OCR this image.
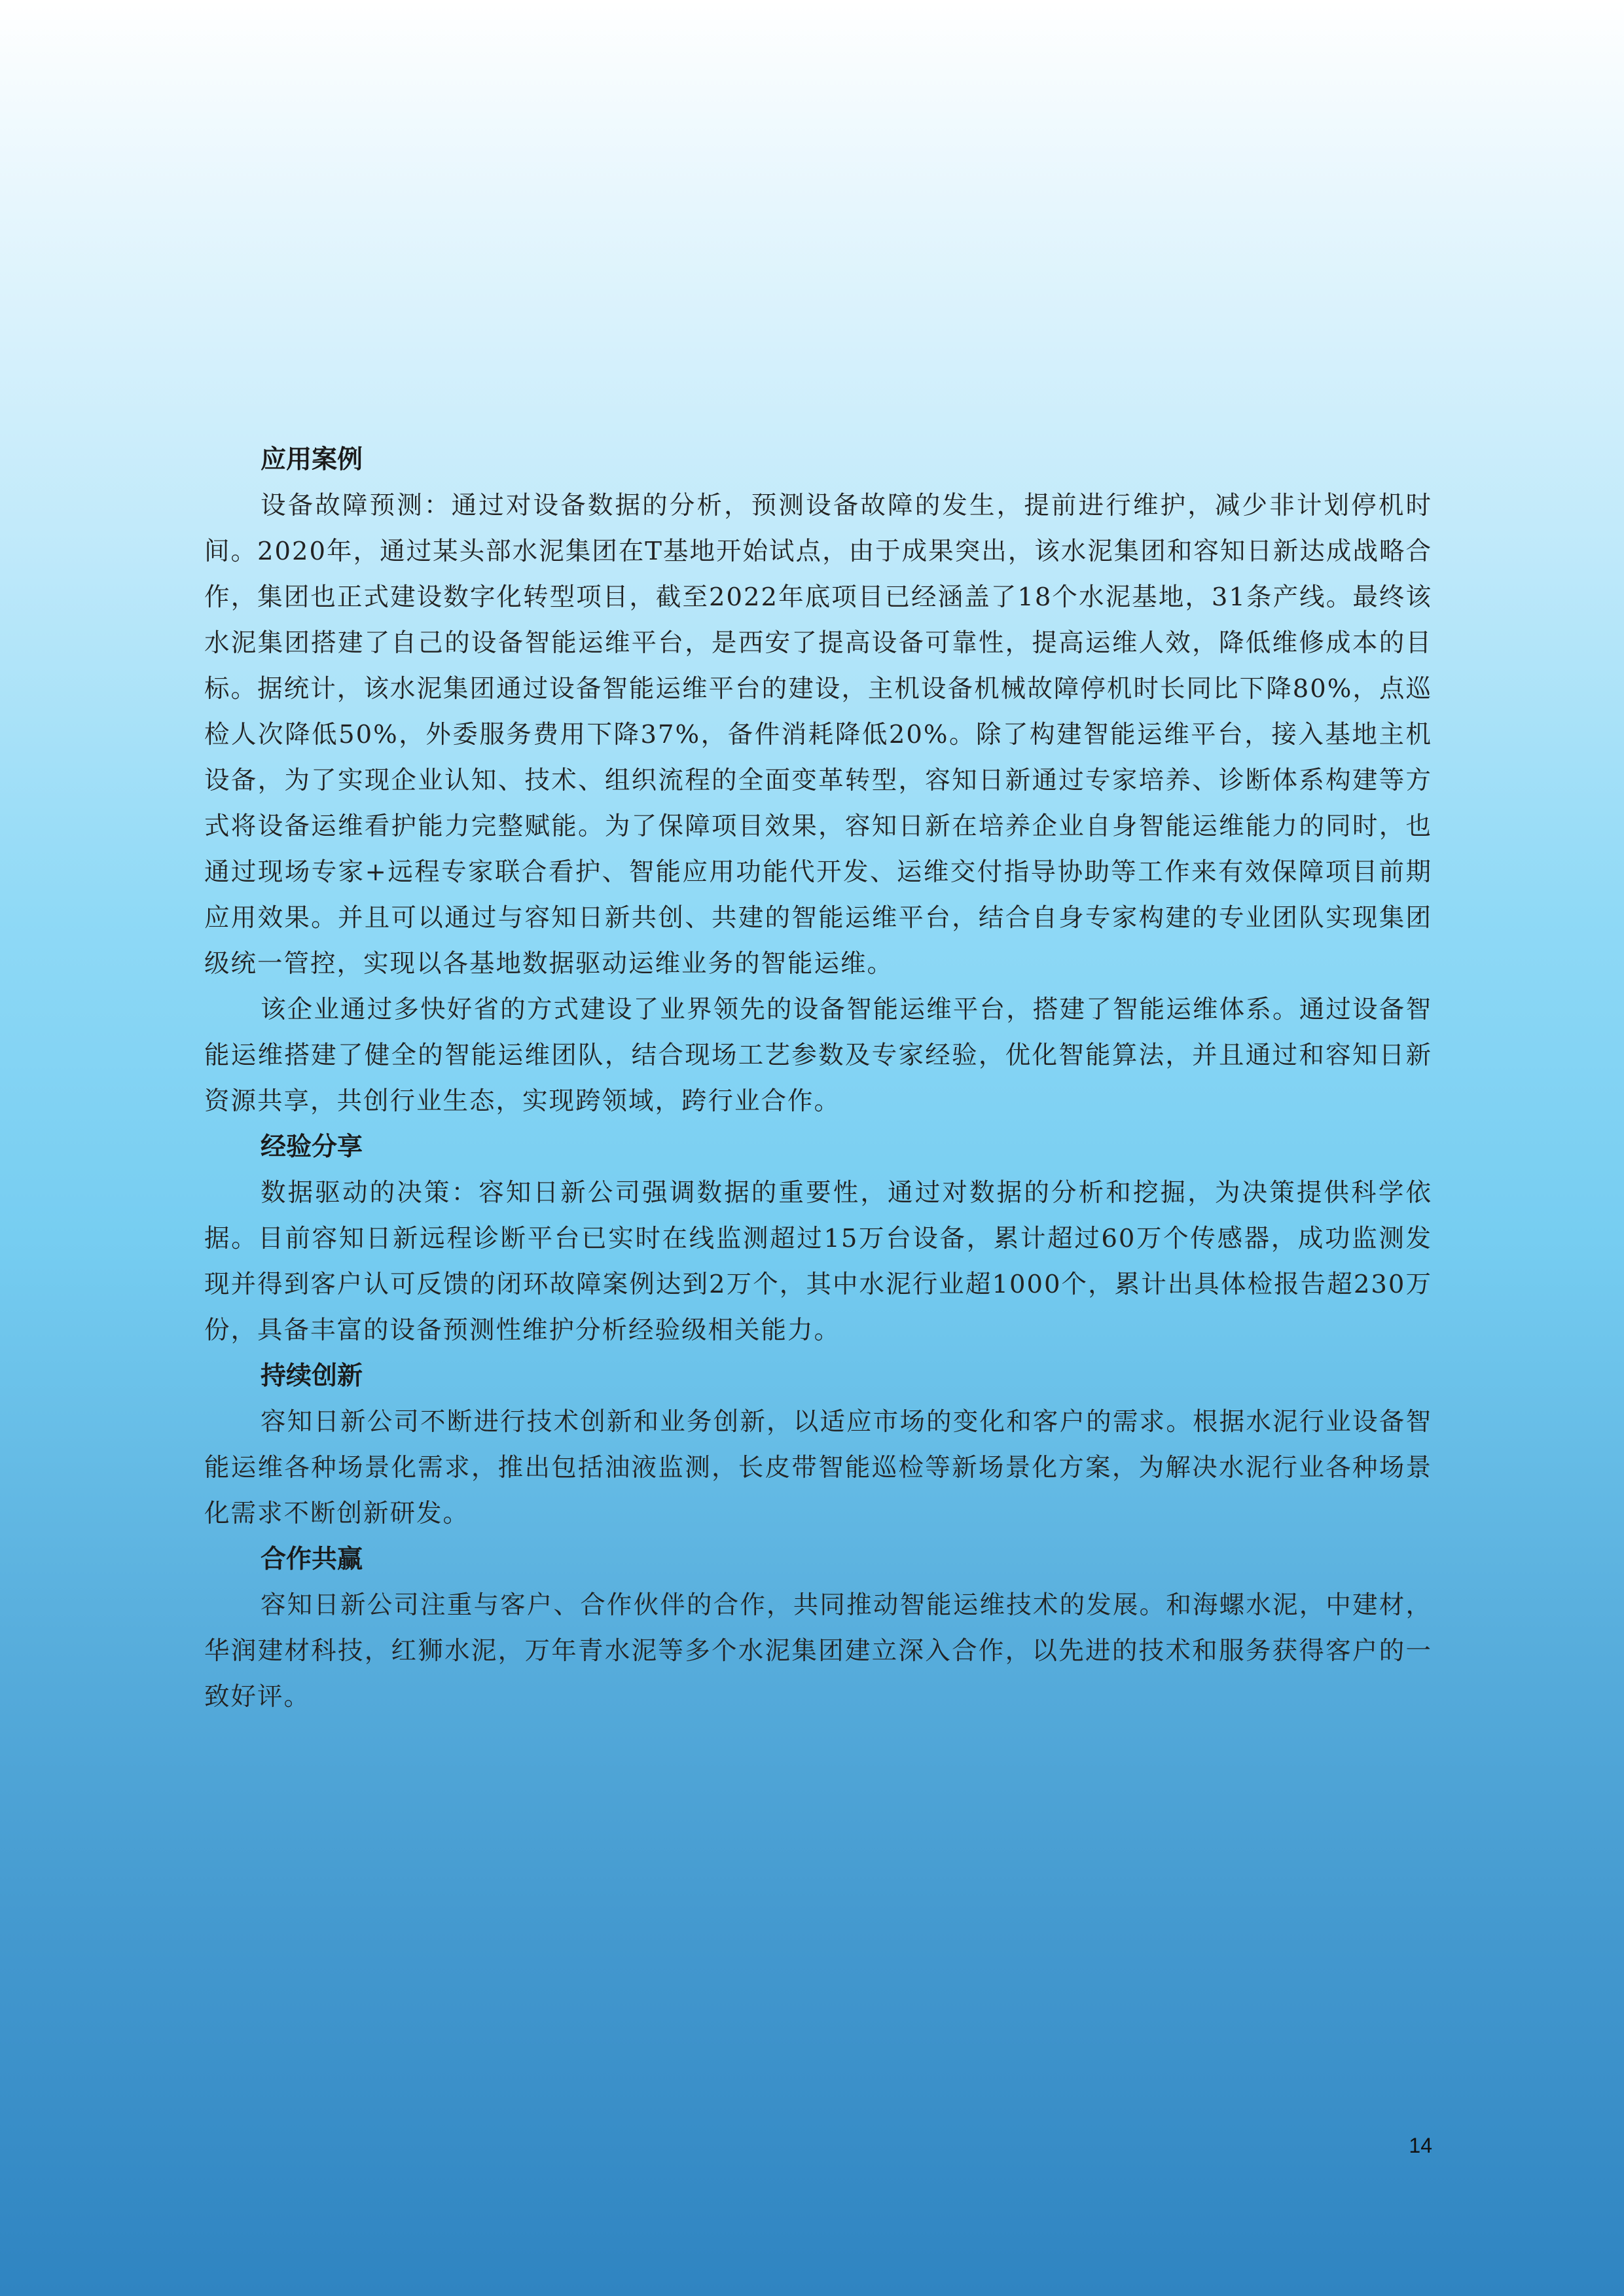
应用案例

设备故障预测：通过对设备数据的分析，预测设备故障的发生，提前进行维护，减少非计划停机时间。2020年，通过某头部水泥集团在T基地开始试点，由于成果突出，该水泥集团和容知日新达成战略合作，集团也正式建设数字化转型项目，截至2022年底项目已经涵盖了18个水泥基地，31条产线。最终该水泥集团搭建了自己的设备智能运维平台，是西安了提高设备可靠性，提高运维人效，降低维修成本的目标。据统计，该水泥集团通过设备智能运维平台的建设，主机设备机械故障停机时长同比下降80%，点巡检人次降低50%，外委服务费用下降37%，备件消耗降低20%。除了构建智能运维平台，接入基地主机设备，为了实现企业认知、技术、组织流程的全面变革转型，容知日新通过专家培养、诊断体系构建等方式将设备运维看护能力完整赋能。为了保障项目效果，容知日新在培养企业自身智能运维能力的同时，也通过现场专家+远程专家联合看护、智能应用功能代开发、运维交付指导协助等工作来有效保障项目前期应用效果。并且可以通过与容知日新共创、共建的智能运维平台，结合自身专家构建的专业团队实现集团级统一管控，实现以各基地数据驱动运维业务的智能运维。

该企业通过多快好省的方式建设了业界领先的设备智能运维平台，搭建了智能运维体系。通过设备智能运维搭建了健全的智能运维团队，结合现场工艺参数及专家经验，优化智能算法，并且通过和容知日新资源共享，共创行业生态，实现跨领域，跨行业合作。

经验分享

数据驱动的决策：容知日新公司强调数据的重要性，通过对数据的分析和挖掘，为决策提供科学依据。目前容知日新远程诊断平台已实时在线监测超过15万台设备，累计超过60万个传感器，成功监测发现并得到客户认可反馈的闭环故障案例达到2万个，其中水泥行业超1000个，累计出具体检报告超230万份，具备丰富的设备预测性维护分析经验级相关能力。

持续创新

容知日新公司不断进行技术创新和业务创新，以适应市场的变化和客户的需求。根据水泥行业设备智能运维各种场景化需求，推出包括油液监测，长皮带智能巡检等新场景化方案，为解决水泥行业各种场景化需求不断创新研发。

合作共赢

容知日新公司注重与客户、合作伙伴的合作，共同推动智能运维技术的发展。和海螺水泥，中建材，华润建材科技，红狮水泥，万年青水泥等多个水泥集团建立深入合作，以先进的技术和服务获得客户的一致好评。

14
